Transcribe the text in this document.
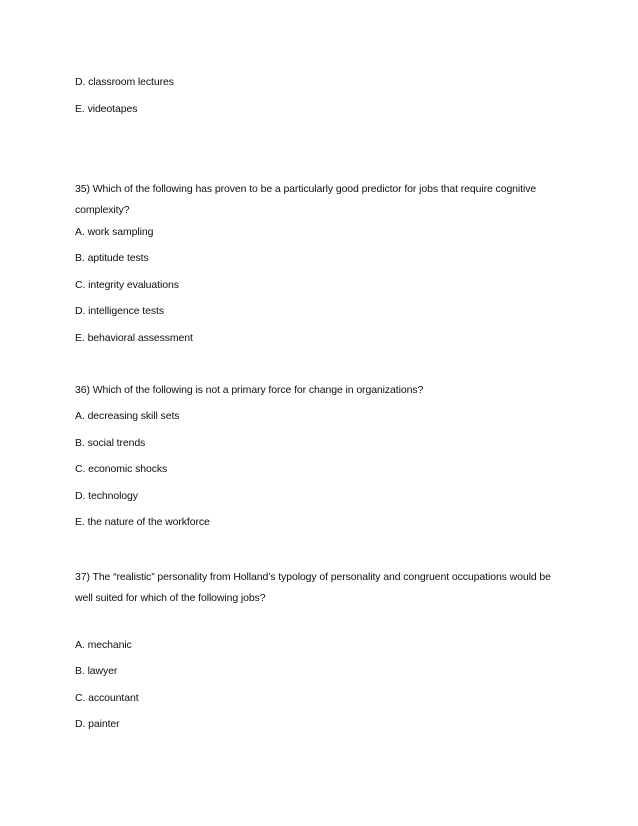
D. classroom lectures
E. videotapes
35) Which of the following has proven to be a particularly good predictor for jobs that require cognitive complexity?
A. work sampling
B. aptitude tests
C. integrity evaluations
D. intelligence tests
E. behavioral assessment
36) Which of the following is not a primary force for change in organizations?
A. decreasing skill sets
B. social trends
C. economic shocks
D. technology
E. the nature of the workforce
37) The “realistic” personality from Holland’s typology of personality and congruent occupations would be well suited for which of the following jobs?
A. mechanic
B. lawyer
C. accountant
D. painter
